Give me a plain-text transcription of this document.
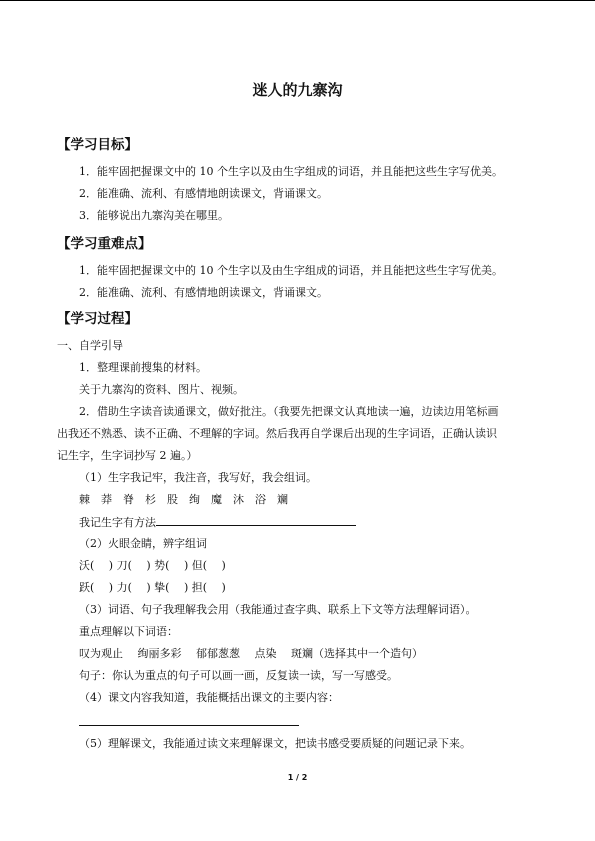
迷人的九寨沟
【学习目标】
1．能牢固把握课文中的 10 个生字以及由生字组成的词语，并且能把这些生字写优美。
2．能准确、流利、有感情地朗读课文，背诵课文。
3．能够说出九寨沟美在哪里。
【学习重难点】
1．能牢固把握课文中的 10 个生字以及由生字组成的词语，并且能把这些生字写优美。
2．能准确、流利、有感情地朗读课文，背诵课文。
【学习过程】
一、自学引导
1．整理课前搜集的材料。
关于九寨沟的资料、图片、视频。
2．借助生字读音读通课文，做好批注。（我要先把课文认真地读一遍，边读边用笔标画
出我还不熟悉、读不正确、不理解的字词。然后我再自学课后出现的生字词语，正确认读识
记生字，生字词抄写 2 遍。）
（1）生字我记牢，我注音，我写好，我会组词。
棘　莽　脊　杉　股　绚　魔　沐　浴　斓
我记生字有方法
（2）火眼金睛，辨字组词
沃(　 ) 刀(　 ) 势(　 ) 但(　 )
跃(　 ) 力(　 ) 挚(　 ) 担(　 )
（3）词语、句子我理解我会用（我能通过查字典、联系上下文等方法理解词语）。
重点理解以下词语：
叹为观止　 绚丽多彩　 郁郁葱葱　 点染　 斑斓（选择其中一个造句）
句子：你认为重点的句子可以画一画，反复读一读，写一写感受。
（4）课文内容我知道，我能概括出课文的主要内容：
（5）理解课文，我能通过读文来理解课文，把读书感受要质疑的问题记录下来。
1 / 2
